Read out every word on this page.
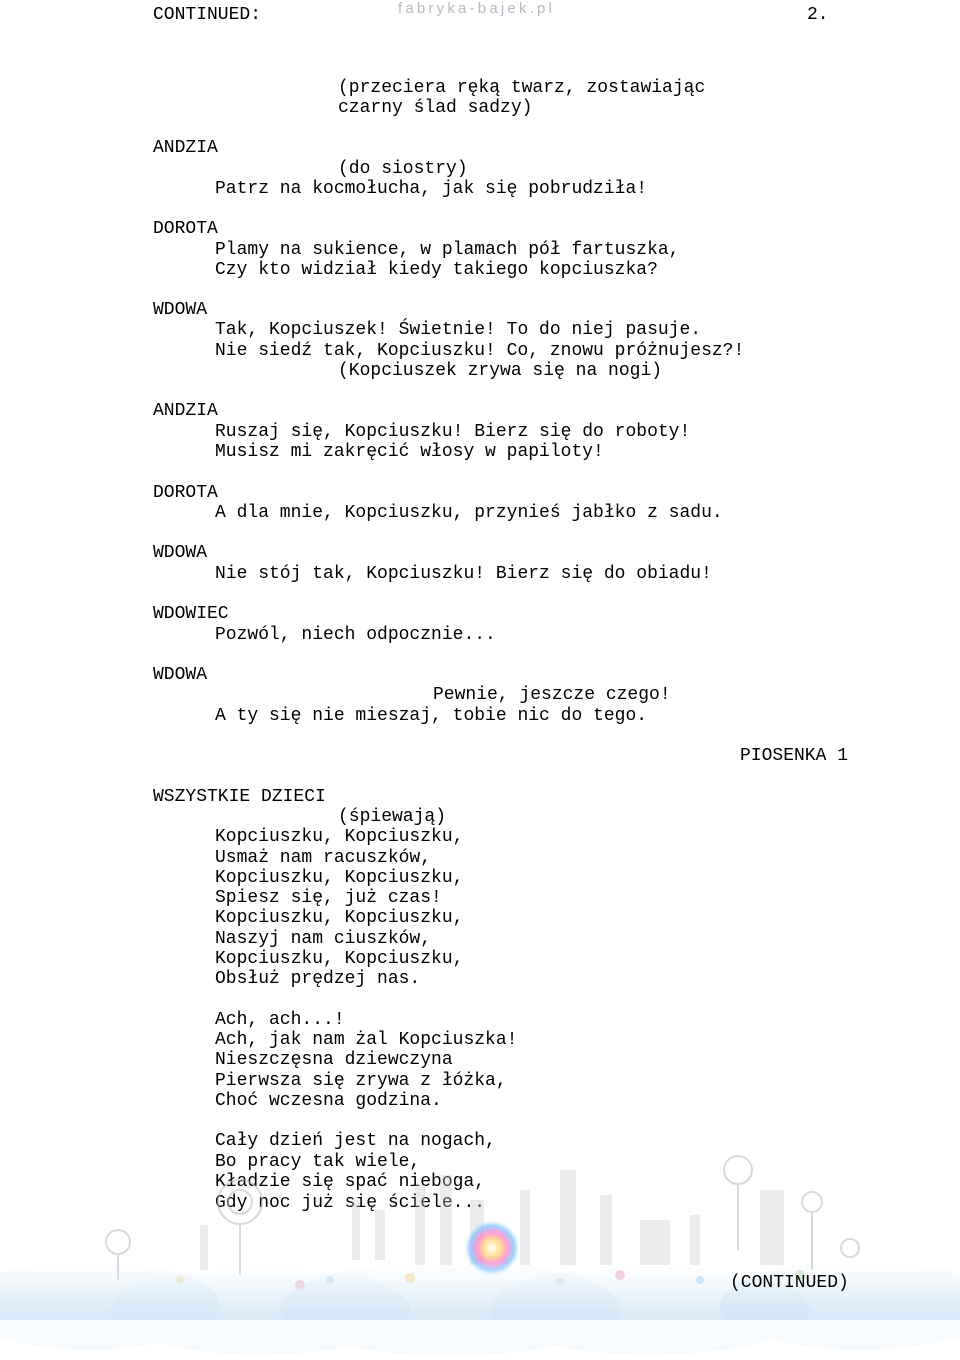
CONTINUED:	fabryka-bajek.pl	2.
(przeciera ręką twarz, zostawiając
czarny ślad sadzy)
ANDZIA
(do siostry)
Patrz na kocmołucha, jak się pobrudziła!
DOROTA
Plamy na sukience, w plamach pół fartuszka,
Czy kto widział kiedy takiego kopciuszka?
WDOWA
Tak, Kopciuszek! Świetnie! To do niej pasuje.
Nie siedź tak, Kopciuszku! Co, znowu próżnujesz?!
(Kopciuszek zrywa się na nogi)
ANDZIA
Ruszaj się, Kopciuszku! Bierz się do roboty!
Musisz mi zakręcić włosy w papiloty!
DOROTA
A dla mnie, Kopciuszku, przynieś jabłko z sadu.
WDOWA
Nie stój tak, Kopciuszku! Bierz się do obiadu!
WDOWIEC
Pozwól, niech odpocznie...
WDOWA
Pewnie, jeszcze czego!
A ty się nie mieszaj, tobie nic do tego.
PIOSENKA 1
WSZYSTKIE DZIECI
(śpiewają)
Kopciuszku, Kopciuszku,
Usmaż nam racuszków,
Kopciuszku, Kopciuszku,
Spiesz się, już czas!
Kopciuszku, Kopciuszku,
Naszyj nam ciuszków,
Kopciuszku, Kopciuszku,
Obsłuż prędzej nas.
Ach, ach...!
Ach, jak nam żal Kopciuszka!
Nieszczęsna dziewczyna
Pierwsza się zrywa z łóżka,
Choć wczesna godzina.
Cały dzień jest na nogach,
Bo pracy tak wiele,
Kładzie się spać nieboga,
Gdy noc już się ściele...
(CONTINUED)
